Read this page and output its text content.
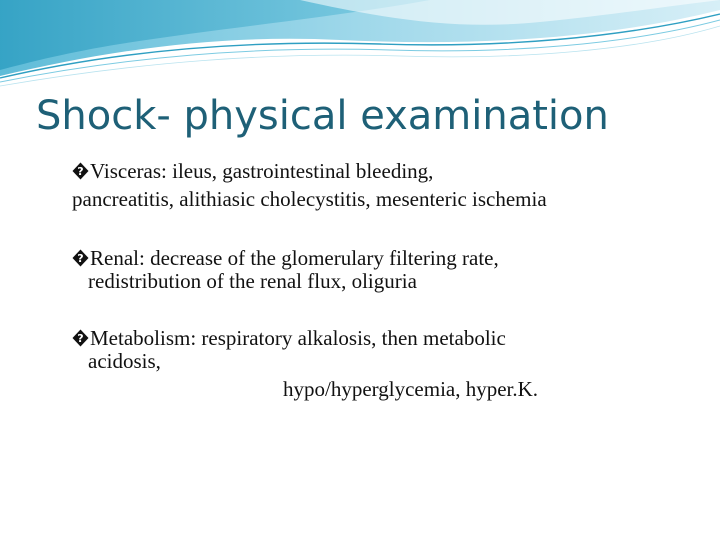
Shock- physical examination

? Visceras: ileus, gastrointestinal bleeding,

pancreatitis, alithiasic cholecystitis, mesenteric ischemia

? Renal: decrease of the glomerulary filtering rate,

redistribution of the renal flux, oliguria

? Metabolism: respiratory alkalosis, then metabolic

acidosis,

hypo/hyperglycemia, hyper.K.
